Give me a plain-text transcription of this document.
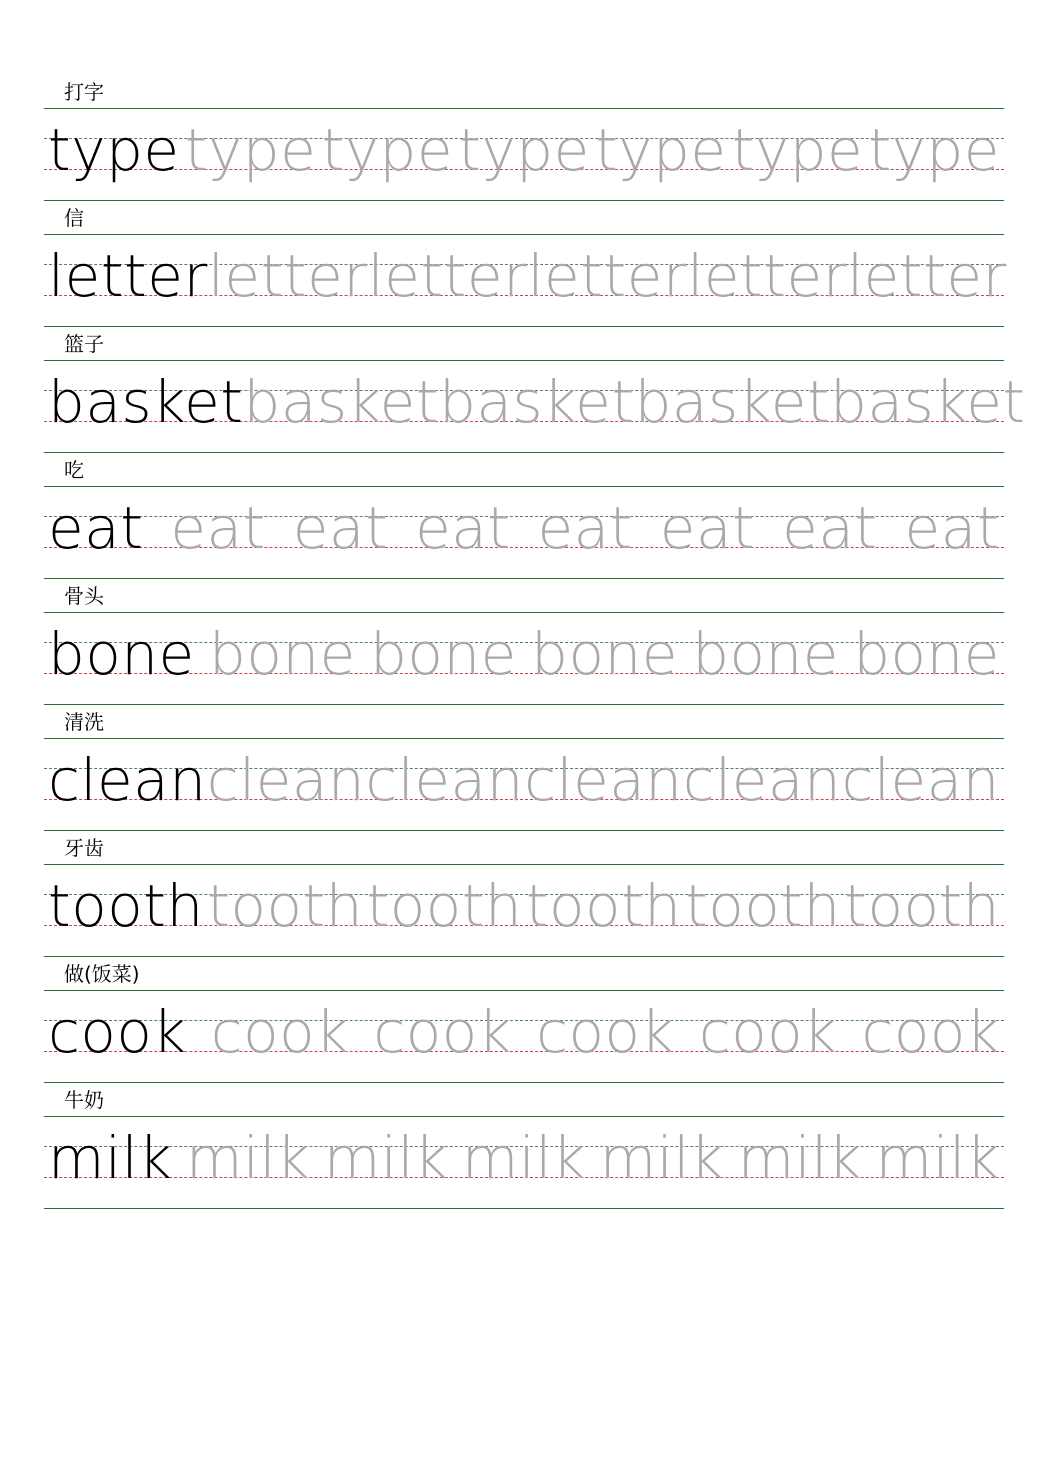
打字
type type type type type type type
信
letter letter letter letter letter letter
篮子
basket basket basket basket basket
吃
eat eat eat eat eat eat eat eat
骨头
bone bone bone bone bone bone
清洗
clean clean clean clean clean clean
牙齿
tooth tooth tooth tooth tooth tooth
做(饭菜)
cook cook cook cook cook cook
牛奶
milk milk milk milk milk milk milk
